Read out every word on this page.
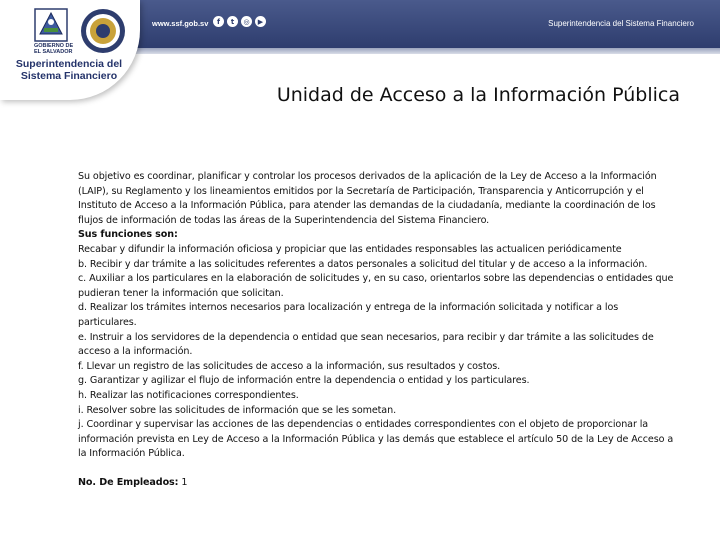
GOBIERNO DE EL SALVADOR
Superintendencia del Sistema Financiero
www.ssf.gob.sv	f	t	◎	▶	Superintendencia del Sistema Financiero
Unidad de Acceso a la Información Pública

Su objetivo es coordinar, planificar y controlar los procesos derivados de la aplicación de la Ley de Acceso a la Información (LAIP), su Reglamento y los lineamientos emitidos por la Secretaría de Participación, Transparencia y Anticorrupción y el Instituto de Acceso a la Información Pública, para atender las demandas de la ciudadanía, mediante la coordinación de los flujos de información de todas las áreas de la Superintendencia del Sistema Financiero.

Sus funciones son:

Recabar y difundir la información oficiosa y propiciar que las entidades responsables las actualicen periódicamente

b. Recibir y dar trámite a las solicitudes referentes a datos personales a solicitud del titular y de acceso a la información.

c. Auxiliar a los particulares en la elaboración de solicitudes y, en su caso, orientarlos sobre las dependencias o entidades que pudieran tener la información que solicitan.

d. Realizar los trámites internos necesarios para localización y entrega de la información solicitada y notificar a los particulares.

e. Instruir a los servidores de la dependencia o entidad que sean necesarios, para recibir y dar trámite a las solicitudes de acceso a la información.

f. Llevar un registro de las solicitudes de acceso a la información, sus resultados y costos.

g. Garantizar y agilizar el flujo de información entre la dependencia o entidad y los particulares.

h. Realizar las notificaciones correspondientes.

i. Resolver sobre las solicitudes de información que se les sometan.

j. Coordinar y supervisar las acciones de las dependencias o entidades correspondientes con el objeto de proporcionar la información prevista en Ley de Acceso a la Información Pública y las demás que establece el artículo 50 de la Ley de Acceso a la Información Pública.

No. De Empleados: 1
